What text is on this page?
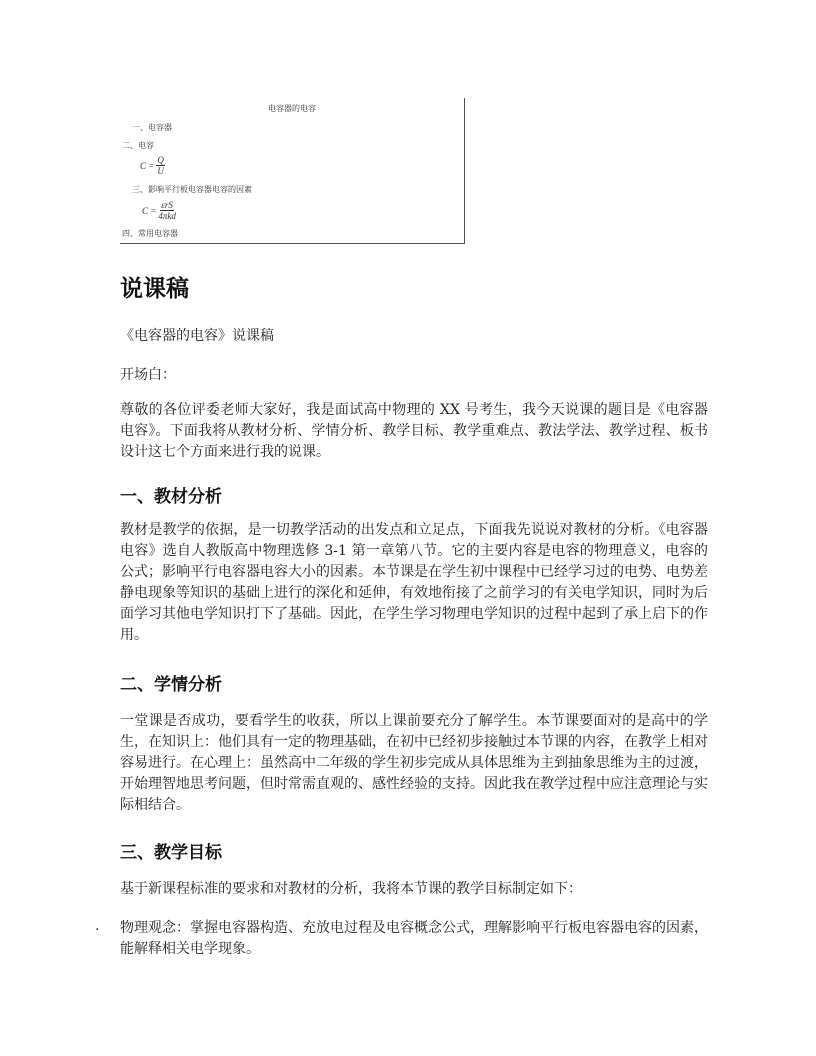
电容器的电容
一、电容器
二、电容
$C = \frac{Q}{U}$
三、影响平行板电容器电容的因素
C =
εrS
4πkd
四、常用电容器
说课稿
《电容器的电容》说课稿
开场白：
尊敬的各位评委老师大家好，我是面试高中物理的 XX 号考生，我今天说课的题目是《电容器电容》。下面我将从教材分析、学情分析、教学目标、教学重难点、教法学法、教学过程、板书设计这七个方面来进行我的说课。
一、教材分析
教材是教学的依据，是一切教学活动的出发点和立足点，下面我先说说对教材的分析。《电容器电容》选自人教版高中物理选修 3-1 第一章第八节。它的主要内容是电容的物理意义，电容的公式；影响平行电容器电容大小的因素。本节课是在学生初中课程中已经学习过的电势、电势差静电现象等知识的基础上进行的深化和延伸，有效地衔接了之前学习的有关电学知识，同时为后面学习其他电学知识打下了基础。因此，在学生学习物理电学知识的过程中起到了承上启下的作用。
二、学情分析
一堂课是否成功，要看学生的收获，所以上课前要充分了解学生。本节课要面对的是高中的学生，在知识上：他们具有一定的物理基础，在初中已经初步接触过本节课的内容，在教学上相对容易进行。在心理上：虽然高中二年级的学生初步完成从具体思维为主到抽象思维为主的过渡，开始理智地思考问题，但时常需直观的、感性经验的支持。因此我在教学过程中应注意理论与实际相结合。
三、教学目标
基于新课程标准的要求和对教材的分析，我将本节课的教学目标制定如下：
. 物理观念：掌握电容器构造、充放电过程及电容概念公式，理解影响平行板电容器电容的因素，能解释相关电学现象。
